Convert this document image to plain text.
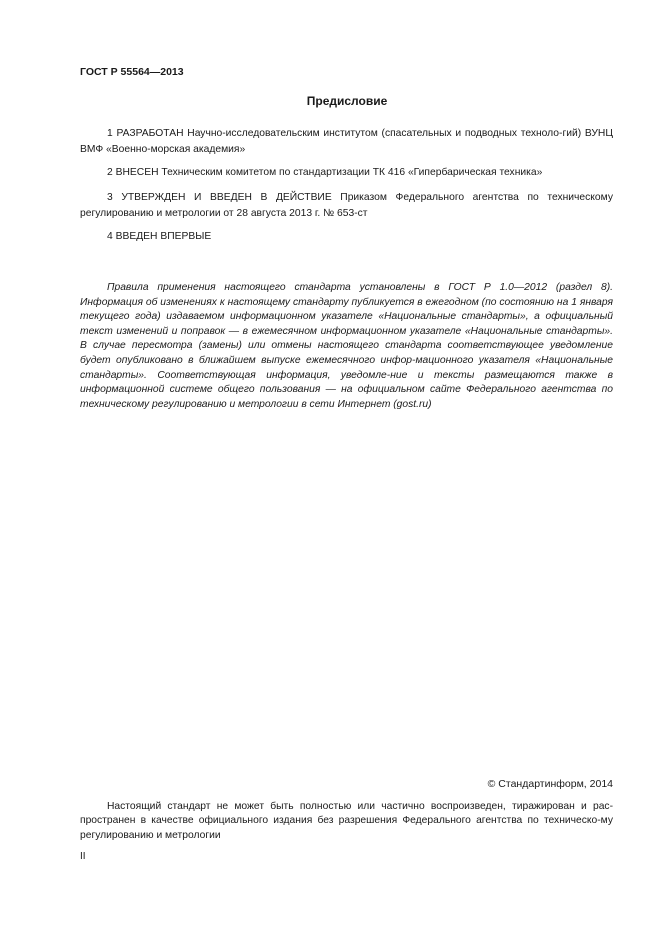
ГОСТ Р 55564—2013
Предисловие

1 РАЗРАБОТАН Научно-исследовательским институтом (спасательных и подводных техноло-гий) ВУНЦ ВМФ «Военно-морская академия»

2 ВНЕСЕН Техническим комитетом по стандартизации ТК 416 «Гипербарическая техника»

3 УТВЕРЖДЕН И ВВЕДЕН В ДЕЙСТВИЕ Приказом Федерального агентства по техническому регулированию и метрологии от 28 августа 2013 г. № 653-ст

4 ВВЕДЕН ВПЕРВЫЕ

Правила применения настоящего стандарта установлены в ГОСТ Р 1.0—2012 (раздел 8). Информация об изменениях к настоящему стандарту публикуется в ежегодном (по состоянию на 1 января текущего года) издаваемом информационном указателе «Национальные стандарты», а официальный текст изменений и поправок — в ежемесячном информационном указателе «Национальные стандарты». В случае пересмотра (замены) или отмены настоящего стандарта соответствующее уведомление будет опубликовано в ближайшем выпуске ежемесячного инфор-мационного указателя «Национальные стандарты». Соответствующая информация, уведомле-ние и тексты размещаются также в информационной системе общего пользования — на официальном сайте Федерального агентства по техническому регулированию и метрологии в сети Интернет (gost.ru)

© Стандартинформ, 2014

Настоящий стандарт не может быть полностью или частично воспроизведен, тиражирован и рас-пространен в качестве официального издания без разрешения Федерального агентства по техническо-му регулированию и метрологии

II
